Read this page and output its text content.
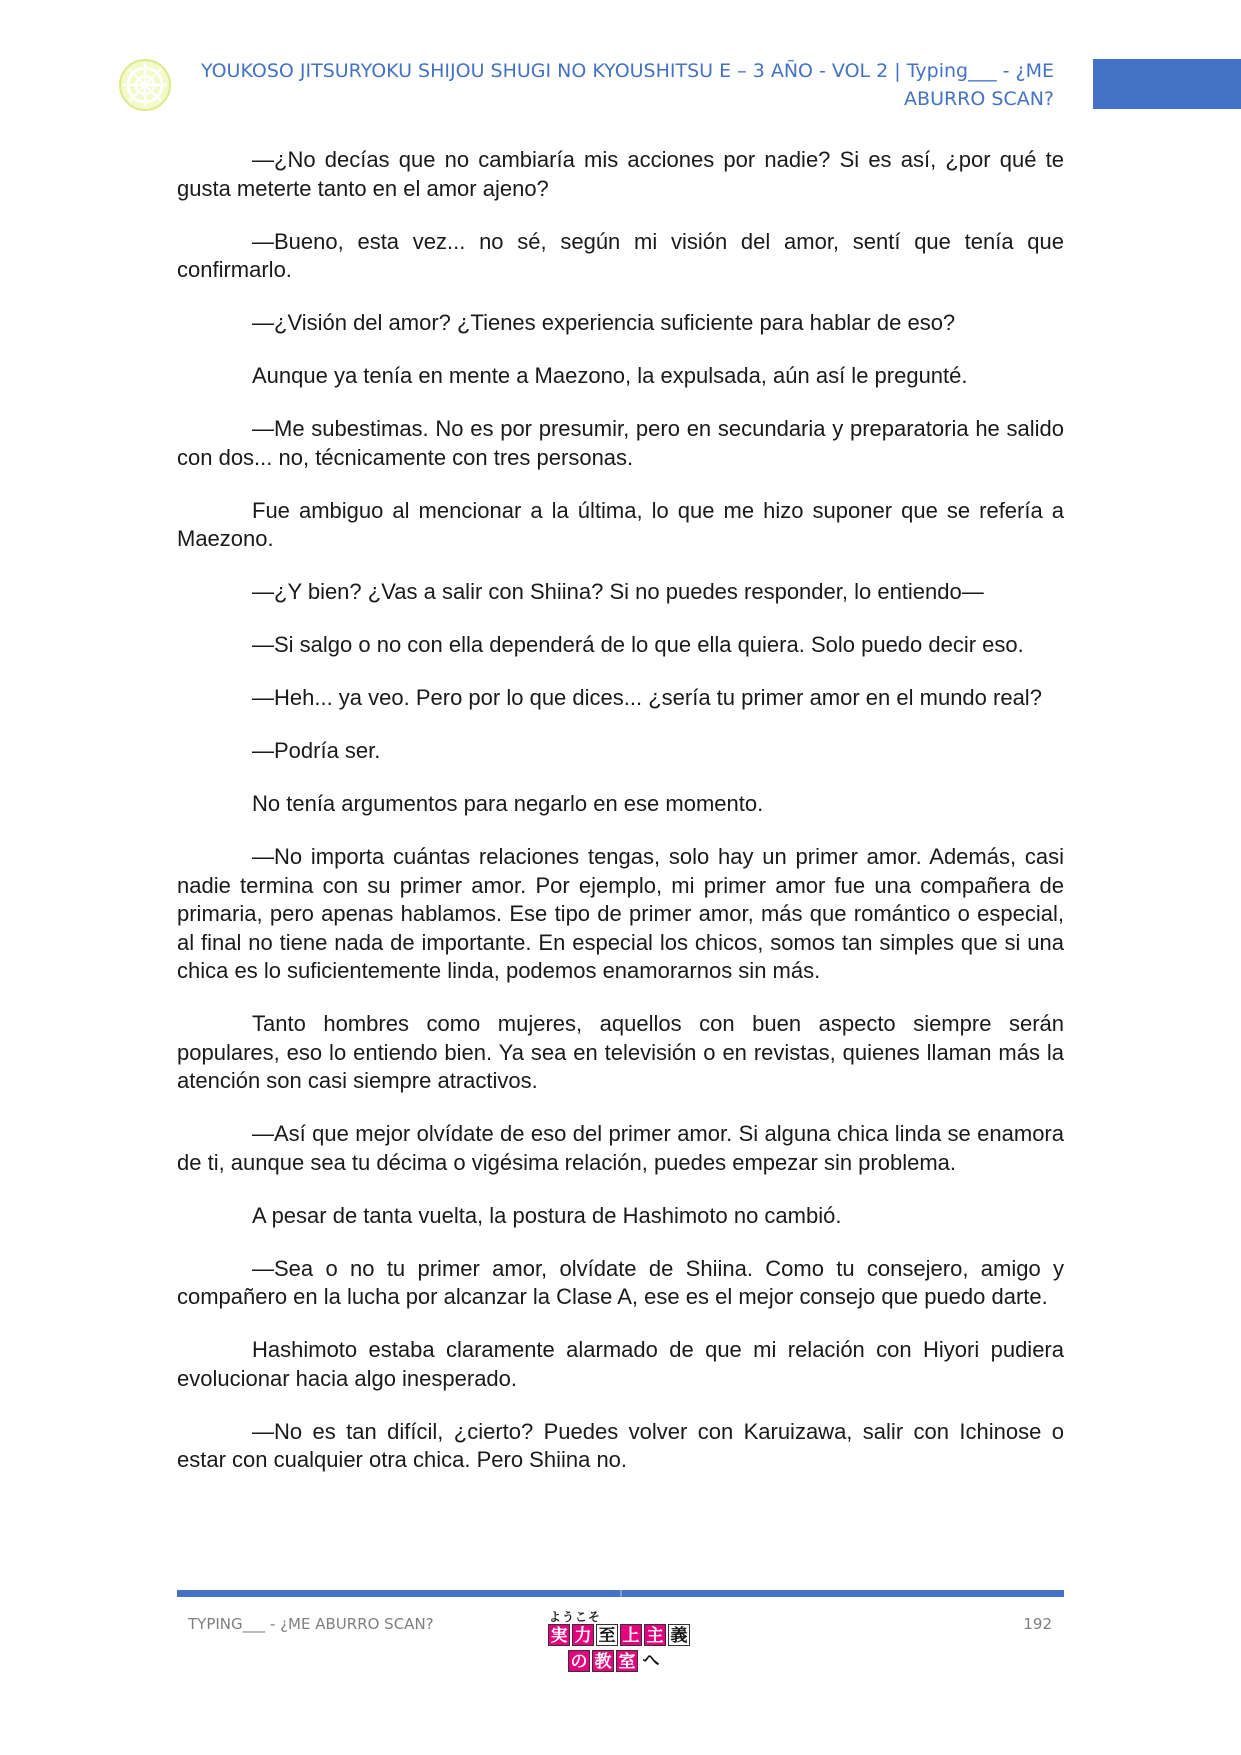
YOUKOSO JITSURYOKU SHIJOU SHUGI NO KYOUSHITSU E – 3 AÑO - VOL 2 | Typing___ - ¿ME ABURRO SCAN?

—¿No decías que no cambiaría mis acciones por nadie? Si es así, ¿por qué te gusta meterte tanto en el amor ajeno?

—Bueno, esta vez... no sé, según mi visión del amor, sentí que tenía que confirmarlo.

—¿Visión del amor? ¿Tienes experiencia suficiente para hablar de eso?

Aunque ya tenía en mente a Maezono, la expulsada, aún así le pregunté.

—Me subestimas. No es por presumir, pero en secundaria y preparatoria he salido con dos... no, técnicamente con tres personas.

Fue ambiguo al mencionar a la última, lo que me hizo suponer que se refería a Maezono.

—¿Y bien? ¿Vas a salir con Shiina? Si no puedes responder, lo entiendo—

—Si salgo o no con ella dependerá de lo que ella quiera. Solo puedo decir eso.

—Heh... ya veo. Pero por lo que dices... ¿sería tu primer amor en el mundo real?

—Podría ser.

No tenía argumentos para negarlo en ese momento.

—No importa cuántas relaciones tengas, solo hay un primer amor. Además, casi nadie termina con su primer amor. Por ejemplo, mi primer amor fue una compañera de primaria, pero apenas hablamos. Ese tipo de primer amor, más que romántico o especial, al final no tiene nada de importante. En especial los chicos, somos tan simples que si una chica es lo suficientemente linda, podemos enamorarnos sin más.

Tanto hombres como mujeres, aquellos con buen aspecto siempre serán populares, eso lo entiendo bien. Ya sea en televisión o en revistas, quienes llaman más la atención son casi siempre atractivos.

—Así que mejor olvídate de eso del primer amor. Si alguna chica linda se enamora de ti, aunque sea tu décima o vigésima relación, puedes empezar sin problema.

A pesar de tanta vuelta, la postura de Hashimoto no cambió.

—Sea o no tu primer amor, olvídate de Shiina. Como tu consejero, amigo y compañero en la lucha por alcanzar la Clase A, ese es el mejor consejo que puedo darte.

Hashimoto estaba claramente alarmado de que mi relación con Hiyori pudiera evolucionar hacia algo inesperado.

—No es tan difícil, ¿cierto? Puedes volver con Karuizawa, salir con Ichinose o estar con cualquier otra chica. Pero Shiina no.

TYPING___ - ¿ME ABURRO SCAN?	ようこそ
実 力 至 上 主 義
の 教 室 へ
192
